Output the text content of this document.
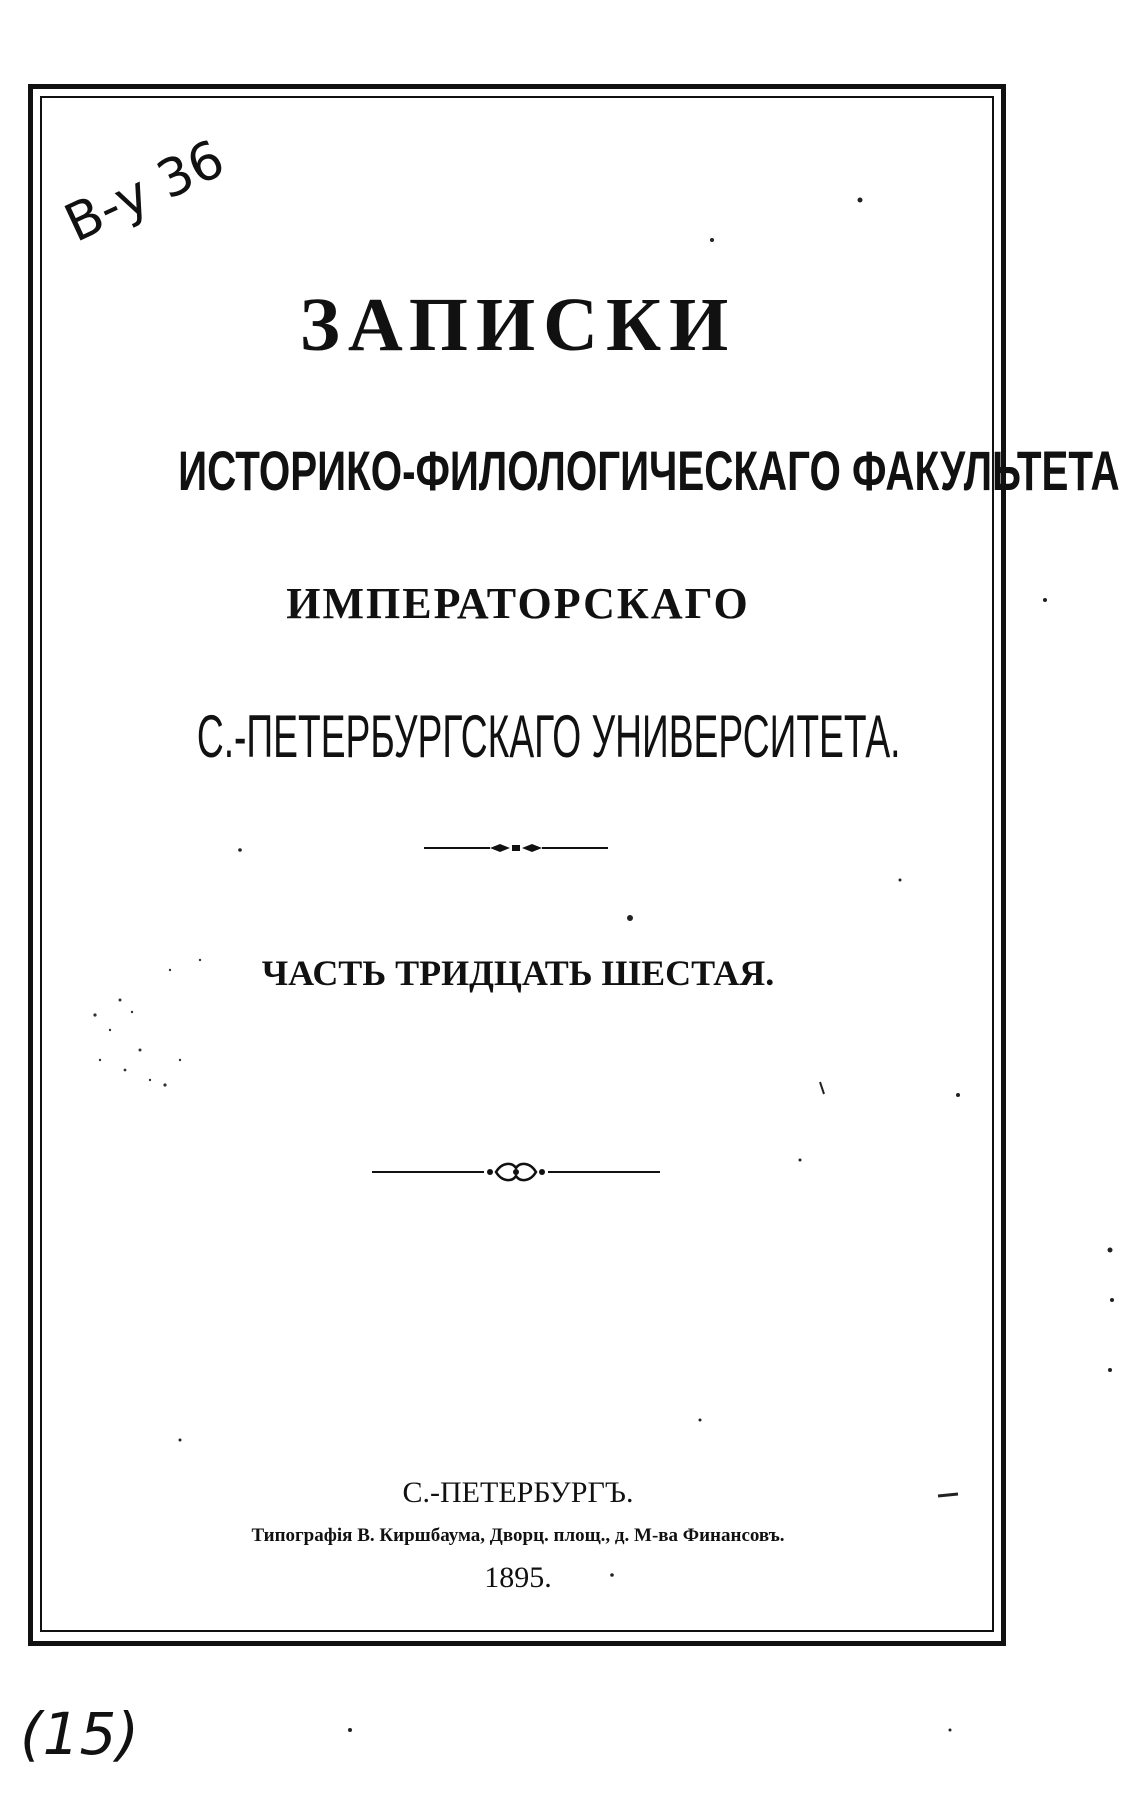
В-у 36
ЗАПИСКИ
ИСТОРИКО-ФИЛОЛОГИЧЕСКАГО ФАКУЛЬТЕТА
ИМПЕРАТОРСКАГО
С.-ПЕТЕРБУРГСКАГО УНИВЕРСИТЕТА.
ЧАСТЬ ТРИДЦАТЬ ШЕСТАЯ.
С.-ПЕТЕРБУРГЪ.
Типографія В. Киршбаума, Дворц. площ., д. М-ва Финансовъ.
1895.
(15)
